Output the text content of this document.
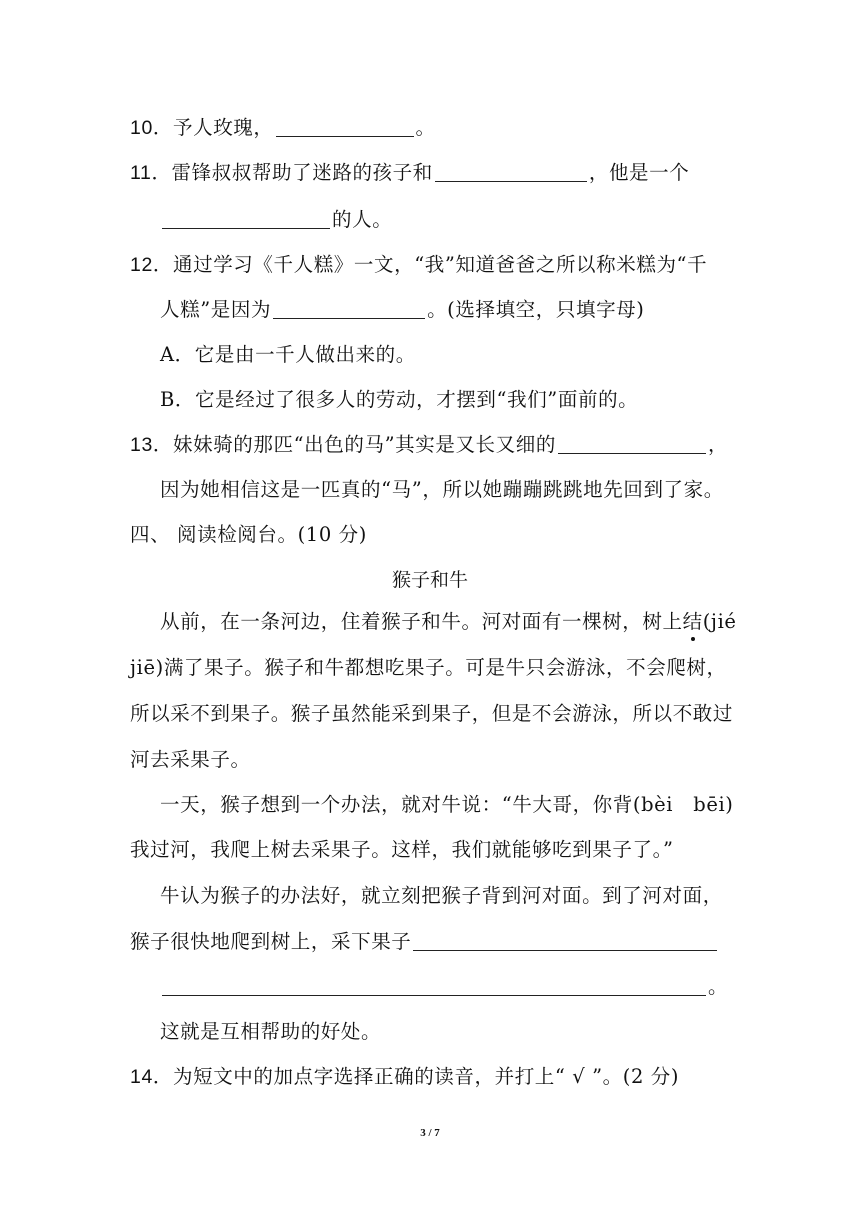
10．予人玫瑰，	。
11．雷锋叔叔帮助了迷路的孩子和	，他是一个
的人。
12．通过学习《千人糕》一文，“我”知道爸爸之所以称米糕为“千
人糕”是因为	。(选择填空，只填字母)
A．它是由一千人做出来的。
B．它是经过了很多人的劳动，才摆到“我们”面前的。
13．妹妹骑的那匹“出色的马”其实是又长又细的	，
因为她相信这是一匹真的“马”，所以她蹦蹦跳跳地先回到了家。
四、 阅读检阅台。(10 分)
猴子和牛
从前，在一条河边，住着猴子和牛。河对面有一棵树，树上结(jié
jiē)满了果子。猴子和牛都想吃果子。可是牛只会游泳，不会爬树，
所以采不到果子。猴子虽然能采到果子，但是不会游泳，所以不敢过
河去采果子。
一天，猴子想到一个办法，就对牛说：“牛大哥，你背(bèi　bēi)
我过河，我爬上树去采果子。这样，我们就能够吃到果子了。”
牛认为猴子的办法好，就立刻把猴子背到河对面。到了河对面，
猴子很快地爬到树上，采下果子
。
这就是互相帮助的好处。
14．为短文中的加点字选择正确的读音，并打上“ √ ”。(2 分)
3 / 7
